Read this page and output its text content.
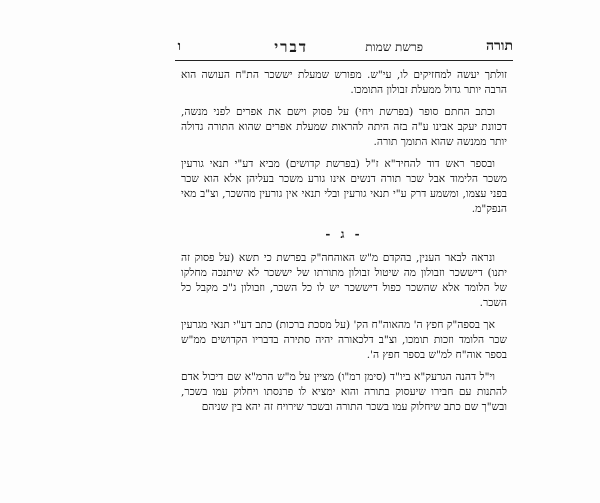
תורה
פרשת שמות
דברי
ו

זולתך יעשה למחזיקים לו, עי"ש. מפורש שמעלת יששכר הת"ח העושה הוא הרבה יותר גדול ממעלת זבולון התומכו.

וכתב החתם סופר (בפרשת ויחי) על פסוק וישם את אפרים לפני מנשה, דכוונת יעקב אבינו ע"ה בזה היתה להראות שמעלת אפרים שהוא התורה גדולה יותר ממנשה שהוא התומך תורה.

ובספר ראש דוד להחיד"א ז"ל (בפרשת קדושים) מביא דע"י תנאי גורעין משכר הלימוד אבל שכר תורה דנשים אינו גורע משכר בעליהן אלא הוא שכר בפני עצמו, ומשמע דרק ע"י תנאי גורעין ובלי תנאי אין גורעין מהשכר, וצ"ב מאי הנפק"מ.

- ג -

ונראה לבאר הענין, בהקדם מ"ש האוהחה"ק בפרשת כי תשא (על פסוק זה יתנו) דיששכר וזבולון מה שיטול זבולון מתורתו של יששכר לא שיתנכה מחלקו של הלומד אלא שהשכר כפול דיששכר יש לו כל השכר, וזבולון ג"כ מקבל כל השכר.

אך בספה"ק חפץ ה' מהאוה"ח הק' (על מסכת ברכות) כתב דע"י תנאי מגרעין שכר הלומד וזכות תומכו, וצ"ב דלכאורה יהיה סתירה בדבריו הקדושים ממ"ש בספר אוה"ח למ"ש בספר חפץ ה'.

וי"ל דהנה הגרעק"א ביו"ד (סימן רמ"ו) מציין על מ"ש הרמ"א שם דיכול אדם להתנות עם חבירו שיעסוק בתורה והוא ימציא לו פרנסתו ויחלוק עמו בשכר, ובש"ך שם כתב שיחלוק עמו בשכר התורה ובשכר שירויח זה יהא בין שניהם
